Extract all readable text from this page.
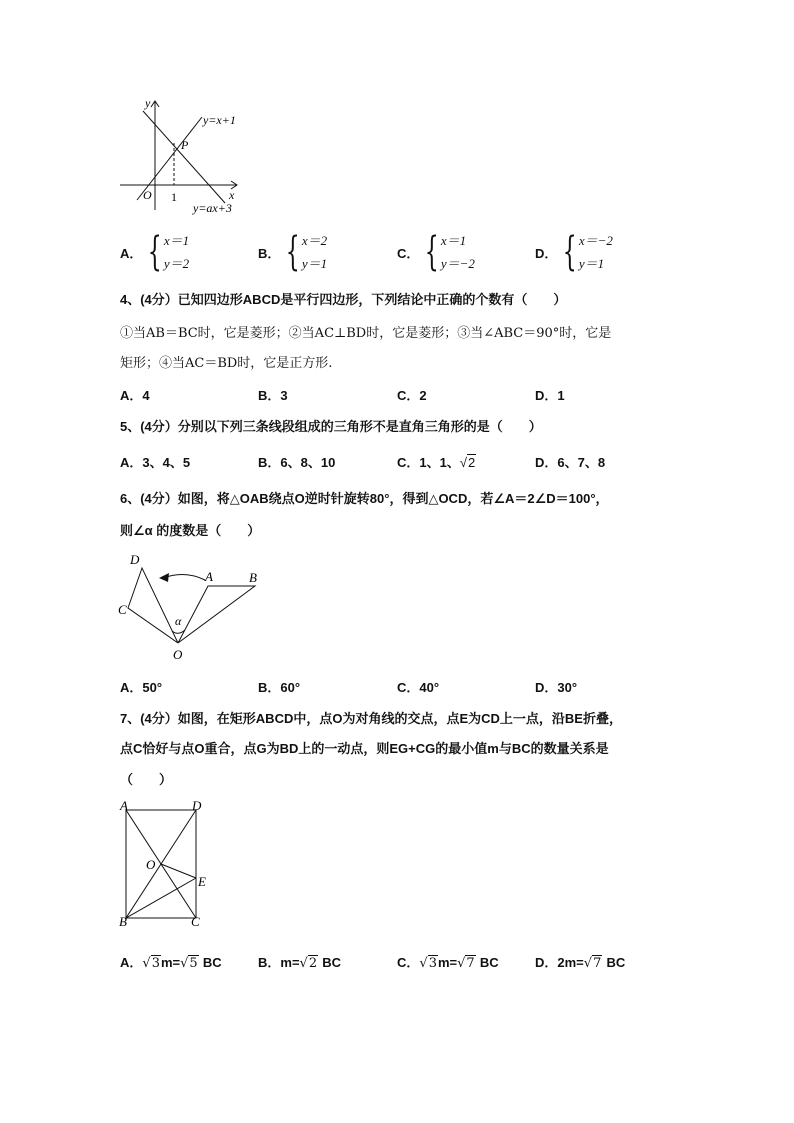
y
x
O 1
P
y=x+1
y=ax+3
A． { x＝1
y＝2
B． { x＝2
y＝1
C． { x＝1
y＝−2
D． { x＝−2
y＝1
4、(4分）已知四边形ABCD是平行四边形，下列结论中正确的个数有（　　）
①当AB＝BC时，它是菱形；②当AC⊥BD时，它是菱形；③当∠ABC＝90°时，它是
矩形；④当AC＝BD时，它是正方形.
A．4	B．3	C．2	D．1
5、(4分）分别以下列三条线段组成的三角形不是直角三角形的是（　　）
A．3、4、5	B．6、8、10	C．1、1、√2	D．6、7、8
6、(4分）如图，将△OAB绕点O逆时针旋转80°，得到△OCD，若∠A＝2∠D＝100°，
则∠α 的度数是（　　）
D
C
A	B
O
α
A．50°	B．60°	C．40°	D．30°
7、(4分）如图，在矩形ABCD中，点O为对角线的交点，点E为CD上一点，沿BE折叠，
点C恰好与点O重合，点G为BD上的一动点，则EG+CG的最小值m与BC的数量关系是
（　　）
A	D
O
E
B	C
A．√3m=√5 BC	B．m=√2 BC	C．√3m=√7 BC	D．2m=√7 BC
